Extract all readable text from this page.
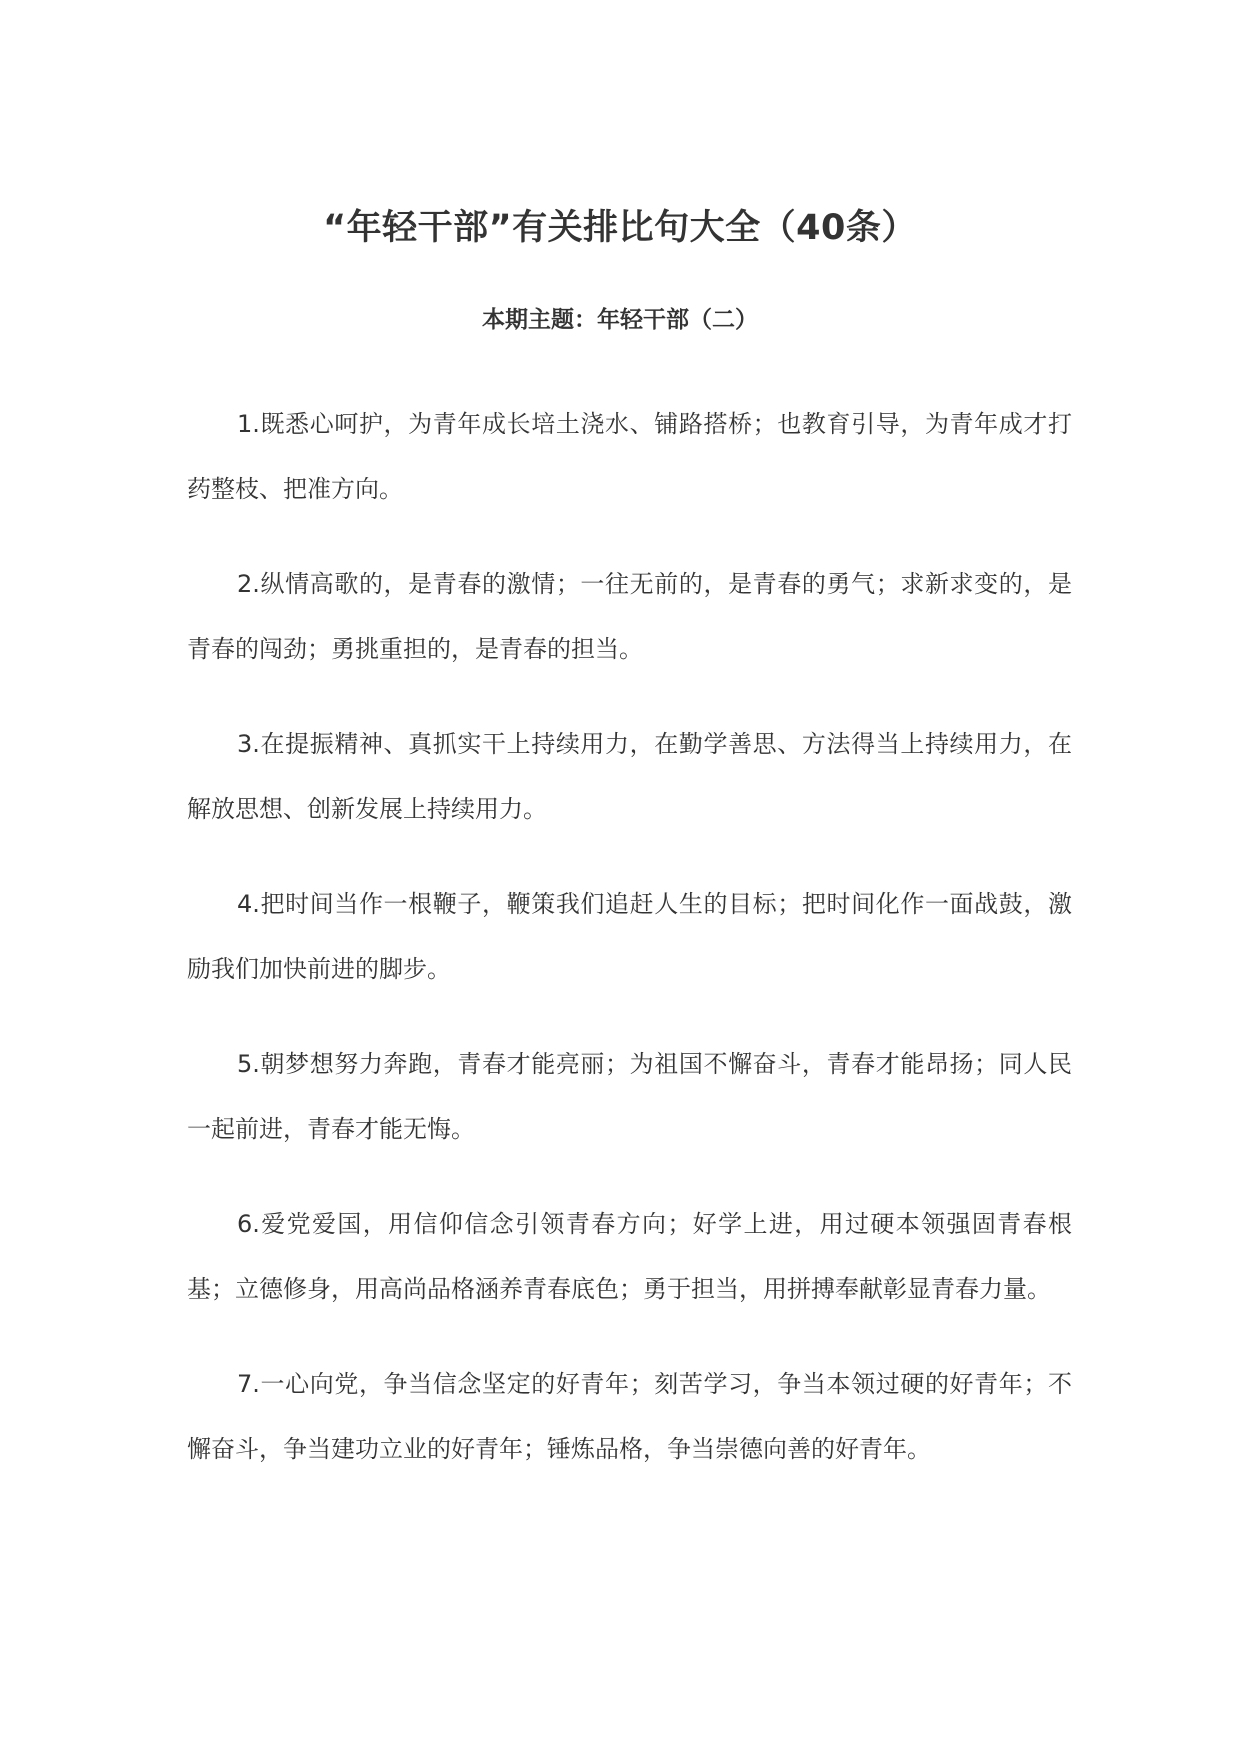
“年轻干部”有关排比句大全（40条）
本期主题：年轻干部（二）

1.既悉心呵护，为青年成长培土浇水、铺路搭桥；也教育引导，为青年成才打药整枝、把准方向。

2.纵情高歌的，是青春的激情；一往无前的，是青春的勇气；求新求变的，是青春的闯劲；勇挑重担的，是青春的担当。

3.在提振精神、真抓实干上持续用力，在勤学善思、方法得当上持续用力，在解放思想、创新发展上持续用力。

4.把时间当作一根鞭子，鞭策我们追赶人生的目标；把时间化作一面战鼓，激励我们加快前进的脚步。

5.朝梦想努力奔跑，青春才能亮丽；为祖国不懈奋斗，青春才能昂扬；同人民一起前进，青春才能无悔。

6.爱党爱国，用信仰信念引领青春方向；好学上进，用过硬本领强固青春根基；立德修身，用高尚品格涵养青春底色；勇于担当，用拼搏奉献彰显青春力量。

7.一心向党，争当信念坚定的好青年；刻苦学习，争当本领过硬的好青年；不懈奋斗，争当建功立业的好青年；锤炼品格，争当崇德向善的好青年。
